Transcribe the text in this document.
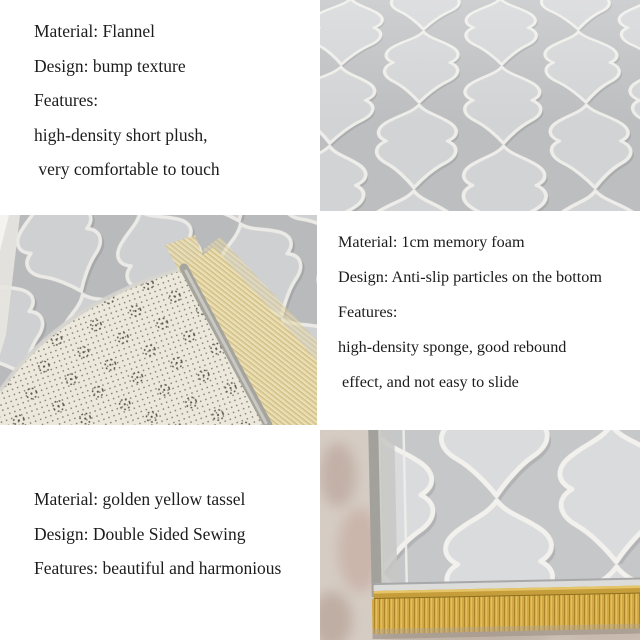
Material: Flannel

Design: bump texture

Features:

high-density short plush,

very comfortable to touch

Material: 1cm memory foam

Design: Anti-slip particles on the bottom

Features:

high-density sponge, good rebound

effect, and not easy to slide

Material: golden yellow tassel

Design: Double Sided Sewing

Features: beautiful and harmonious
